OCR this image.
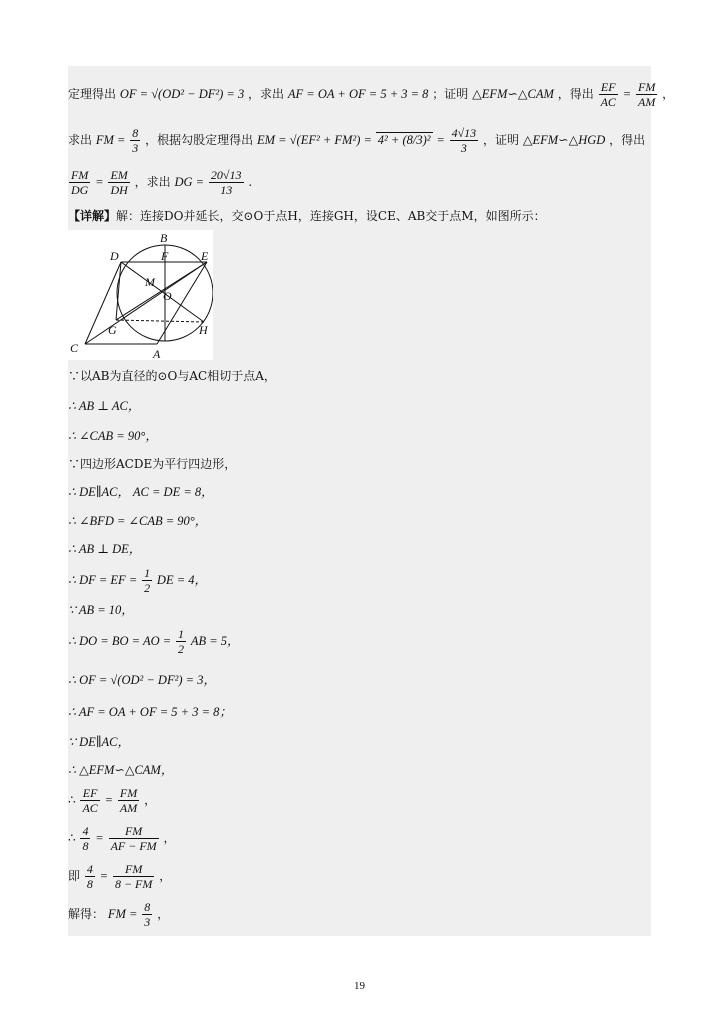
定理得出 OF = √(OD² − DF²) = 3 ，求出 AF = OA + OF = 5 + 3 = 8 ；证明 △EFM∽△CAM ，得出 $\frac{EF}{AC} = \frac{FM}{AM}$ ，
求出 FM = $\frac{8}{3}$ ，根据勾股定理得出 EM = $√(EF^2 + FM^2) = 4^2 + (8/3)^2 = \frac{4√13}{3}$ ，证明 △EFM∽△HGD ，得出
$\frac{FM}{DG} = \frac{EM}{DH}$ ，求出 DG = $\frac{20√13}{13}$ .
【详解】解：连接DO并延长，交⊙O于点H，连接GH，设CE、AB交于点M，如图所示：
B
D	F	E
M
O
G	H
C	A
∵以AB为直径的⊙O与AC相切于点A，
∴ AB ⊥ AC，
∴ ∠CAB = 90°，
∵四边形ACDE为平行四边形，
∴ DE∥AC， AC = DE = 8，
∴ ∠BFD = ∠CAB = 90°，
∴ AB ⊥ DE，
∴ DF = EF = $\frac{1}{2}$ DE = 4，
∵ AB = 10，
∴ DO = BO = AO = $\frac{1}{2}$ AB = 5，
∴ OF = √(OD² − DF²) = 3，
∴ AF = OA + OF = 5 + 3 = 8；
∵ DE∥AC，
∴ △EFM∽△CAM，
∴ $\frac{EF}{AC} = \frac{FM}{AM}$ ，
∴ $\frac{4}{8} = \frac{FM}{AF - FM}$ ，
即 $\frac{4}{8} = \frac{FM}{8 - FM}$ ，
解得： FM = $\frac{8}{3}$ ，
19
